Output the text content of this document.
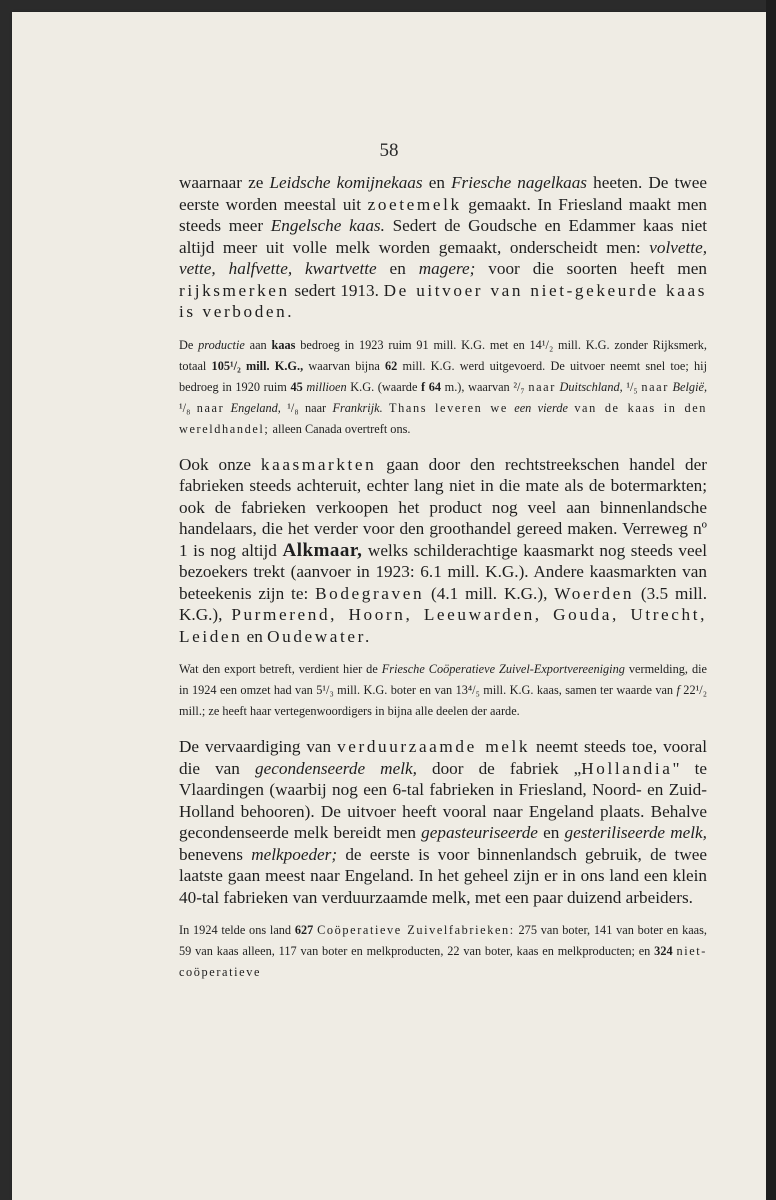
58

waarnaar ze Leidsche komijnekaas en Friesche nagelkaas heeten. De twee eerste worden meestal uit zoetemelk gemaakt. In Friesland maakt men steeds meer Engelsche kaas. Sedert de Goudsche en Edammer kaas niet altijd meer uit volle melk worden gemaakt, onderscheidt men: volvette, vette, halfvette, kwartvette en magere; voor die soorten heeft men rijksmerken sedert 1913. De uitvoer van niet-gekeurde kaas is verboden.

De productie aan kaas bedroeg in 1923 ruim 91 mill. K.G. met en 14¹/₂ mill. K.G. zonder Rijksmerk, totaal 105¹/₂ mill. K.G., waarvan bijna 62 mill. K.G. werd uitgevoerd. De uitvoer neemt snel toe; hij bedroeg in 1920 ruim 45 millioen K.G. (waarde f 64 m.), waarvan ²/₇ naar Duitschland, ¹/₅ naar België, ¹/₈ naar Engeland, ¹/₈ naar Frankrijk. Thans leveren we een vierde van de kaas in den wereldhandel; alleen Canada overtreft ons.

Ook onze kaasmarkten gaan door den rechtstreekschen handel der fabrieken steeds achteruit, echter lang niet in die mate als de botermarkten; ook de fabrieken verkoopen het product nog veel aan binnenlandsche handelaars, die het verder voor den groothandel gereed maken. Verreweg nº 1 is nog altijd Alkmaar, welks schilderachtige kaasmarkt nog steeds veel bezoekers trekt (aanvoer in 1923: 6.1 mill. K.G.). Andere kaasmarkten van beteekenis zijn te: Bodegraven (4.1 mill. K.G.), Woerden (3.5 mill. K.G.), Purmerend, Hoorn, Leeuwarden, Gouda, Utrecht, Leiden en Oudewater.

Wat den export betreft, verdient hier de Friesche Coöperatieve Zuivel-Exportvereeniging vermelding, die in 1924 een omzet had van 5¹/₃ mill. K.G. boter en van 13⁴/₅ mill. K.G. kaas, samen ter waarde van f 22¹/₂ mill.; ze heeft haar vertegenwoordigers in bijna alle deelen der aarde.

De vervaardiging van verduurzaamde melk neemt steeds toe, vooral die van gecondenseerde melk, door de fabriek „Hollandia" te Vlaardingen (waarbij nog een 6-tal fabrieken in Friesland, Noord- en Zuid-Holland behooren). De uitvoer heeft vooral naar Engeland plaats. Behalve gecondenseerde melk bereidt men gepasteuriseerde en gesteriliseerde melk, benevens melkpoeder; de eerste is voor binnenlandsch gebruik, de twee laatste gaan meest naar Engeland. In het geheel zijn er in ons land een klein 40-tal fabrieken van verduurzaamde melk, met een paar duizend arbeiders.

In 1924 telde ons land 627 Coöperatieve Zuivelfabrieken: 275 van boter, 141 van boter en kaas, 59 van kaas alleen, 117 van boter en melkproducten, 22 van boter, kaas en melkproducten; en 324 niet-coöperatieve
